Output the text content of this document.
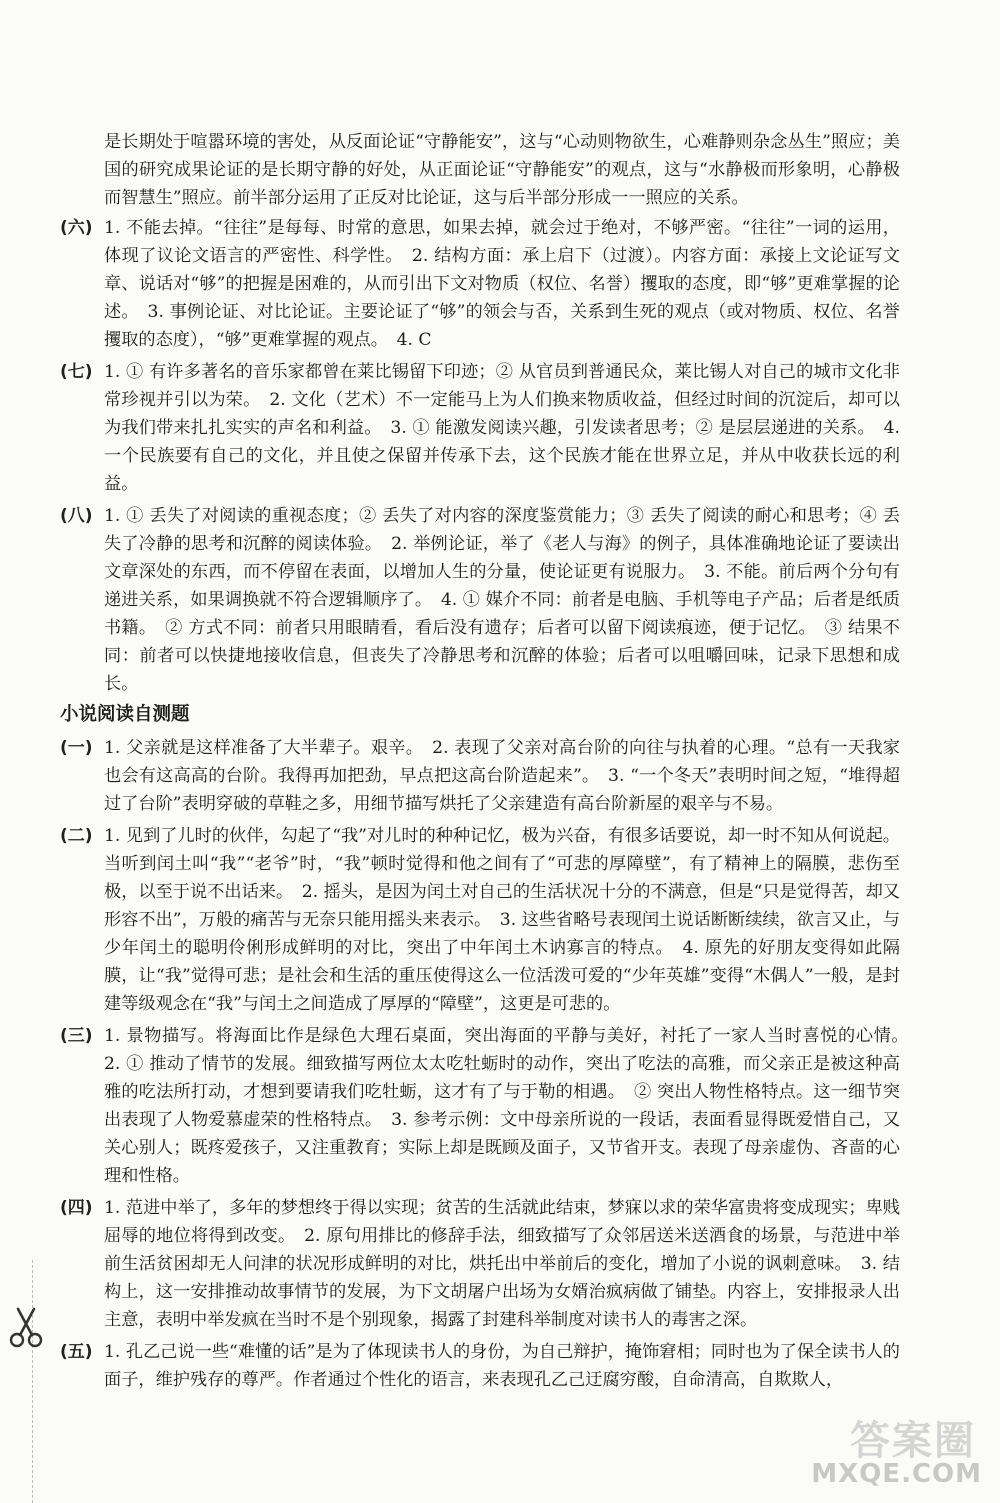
是长期处于喧嚣环境的害处，从反面论证“守静能安”，这与“心动则物欲生，心难静则杂念丛生”照应；美国的研究成果论证的是长期守静的好处，从正面论证“守静能安”的观点，这与“水静极而形象明，心静极而智慧生”照应。前半部分运用了正反对比论证，这与后半部分形成一一照应的关系。

(六) 1. 不能去掉。“往往”是每每、时常的意思，如果去掉，就会过于绝对，不够严密。“往往”一词的运用，体现了议论文语言的严密性、科学性。　2. 结构方面：承上启下（过渡）。内容方面：承接上文论证写文章、说话对“够”的把握是困难的，从而引出下文对物质（权位、名誉）攫取的态度，即“够”更难掌握的论述。　3. 事例论证、对比论证。主要论证了“够”的领会与否，关系到生死的观点（或对物质、权位、名誉攫取的态度），“够”更难掌握的观点。　4. C
(七) 1. ① 有许多著名的音乐家都曾在莱比锡留下印迹；② 从官员到普通民众，莱比锡人对自己的城市文化非常珍视并引以为荣。　2. 文化（艺术）不一定能马上为人们换来物质收益，但经过时间的沉淀后，却可以为我们带来扎扎实实的声名和利益。　3. ① 能激发阅读兴趣，引发读者思考；② 是层层递进的关系。　4. 一个民族要有自己的文化，并且使之保留并传承下去，这个民族才能在世界立足，并从中收获长远的利益。
(八) 1. ① 丢失了对阅读的重视态度；② 丢失了对内容的深度鉴赏能力；③ 丢失了阅读的耐心和思考；④ 丢失了冷静的思考和沉醉的阅读体验。　2. 举例论证，举了《老人与海》的例子，具体准确地论证了要读出文章深处的东西，而不停留在表面，以增加人生的分量，使论证更有说服力。　3. 不能。前后两个分句有递进关系，如果调换就不符合逻辑顺序了。　4. ① 媒介不同：前者是电脑、手机等电子产品；后者是纸质书籍。　② 方式不同：前者只用眼睛看，看后没有遗存；后者可以留下阅读痕迹，便于记忆。　③ 结果不同：前者可以快捷地接收信息，但丧失了冷静思考和沉醉的体验；后者可以咀嚼回味，记录下思想和成长。
小说阅读自测题
(一) 1. 父亲就是这样准备了大半辈子。艰辛。　2. 表现了父亲对高台阶的向往与执着的心理。“总有一天我家也会有这高高的台阶。我得再加把劲，早点把这高台阶造起来”。　3. “一个冬天”表明时间之短，“堆得超过了台阶”表明穿破的草鞋之多，用细节描写烘托了父亲建造有高台阶新屋的艰辛与不易。
(二) 1. 见到了儿时的伙伴，勾起了“我”对儿时的种种记忆，极为兴奋，有很多话要说，却一时不知从何说起。当听到闰土叫“我”“老爷”时，“我”顿时觉得和他之间有了“可悲的厚障壁”，有了精神上的隔膜，悲伤至极，以至于说不出话来。　2. 摇头，是因为闰土对自己的生活状况十分的不满意，但是“只是觉得苦，却又形容不出”，万般的痛苦与无奈只能用摇头来表示。　3. 这些省略号表现闰土说话断断续续，欲言又止，与少年闰土的聪明伶俐形成鲜明的对比，突出了中年闰土木讷寡言的特点。　4. 原先的好朋友变得如此隔膜，让“我”觉得可悲；是社会和生活的重压使得这么一位活泼可爱的“少年英雄”变得“木偶人”一般，是封建等级观念在“我”与闰土之间造成了厚厚的“障壁”，这更是可悲的。
(三) 1. 景物描写。将海面比作是绿色大理石桌面，突出海面的平静与美好，衬托了一家人当时喜悦的心情。　2. ① 推动了情节的发展。细致描写两位太太吃牡蛎时的动作，突出了吃法的高雅，而父亲正是被这种高雅的吃法所打动，才想到要请我们吃牡蛎，这才有了与于勒的相遇。　② 突出人物性格特点。这一细节突出表现了人物爱慕虚荣的性格特点。　3. 参考示例：文中母亲所说的一段话，表面看显得既爱惜自己，又关心别人；既疼爱孩子，又注重教育；实际上却是既顾及面子，又节省开支。表现了母亲虚伪、吝啬的心理和性格。
(四) 1. 范进中举了，多年的梦想终于得以实现；贫苦的生活就此结束，梦寐以求的荣华富贵将变成现实；卑贱屈辱的地位将得到改变。　2. 原句用排比的修辞手法，细致描写了众邻居送米送酒食的场景，与范进中举前生活贫困却无人问津的状况形成鲜明的对比，烘托出中举前后的变化，增加了小说的讽刺意味。　3. 结构上，这一安排推动故事情节的发展，为下文胡屠户出场为女婿治疯病做了铺垫。内容上，安排报录人出主意，表明中举发疯在当时不是个别现象，揭露了封建科举制度对读书人的毒害之深。
(五) 1. 孔乙己说一些“难懂的话”是为了体现读书人的身份，为自己辩护，掩饰窘相；同时也为了保全读书人的面子，维护残存的尊严。作者通过个性化的语言，来表现孔乙己迂腐穷酸，自命清高，自欺欺人，
答案圈
MXQE.COM
